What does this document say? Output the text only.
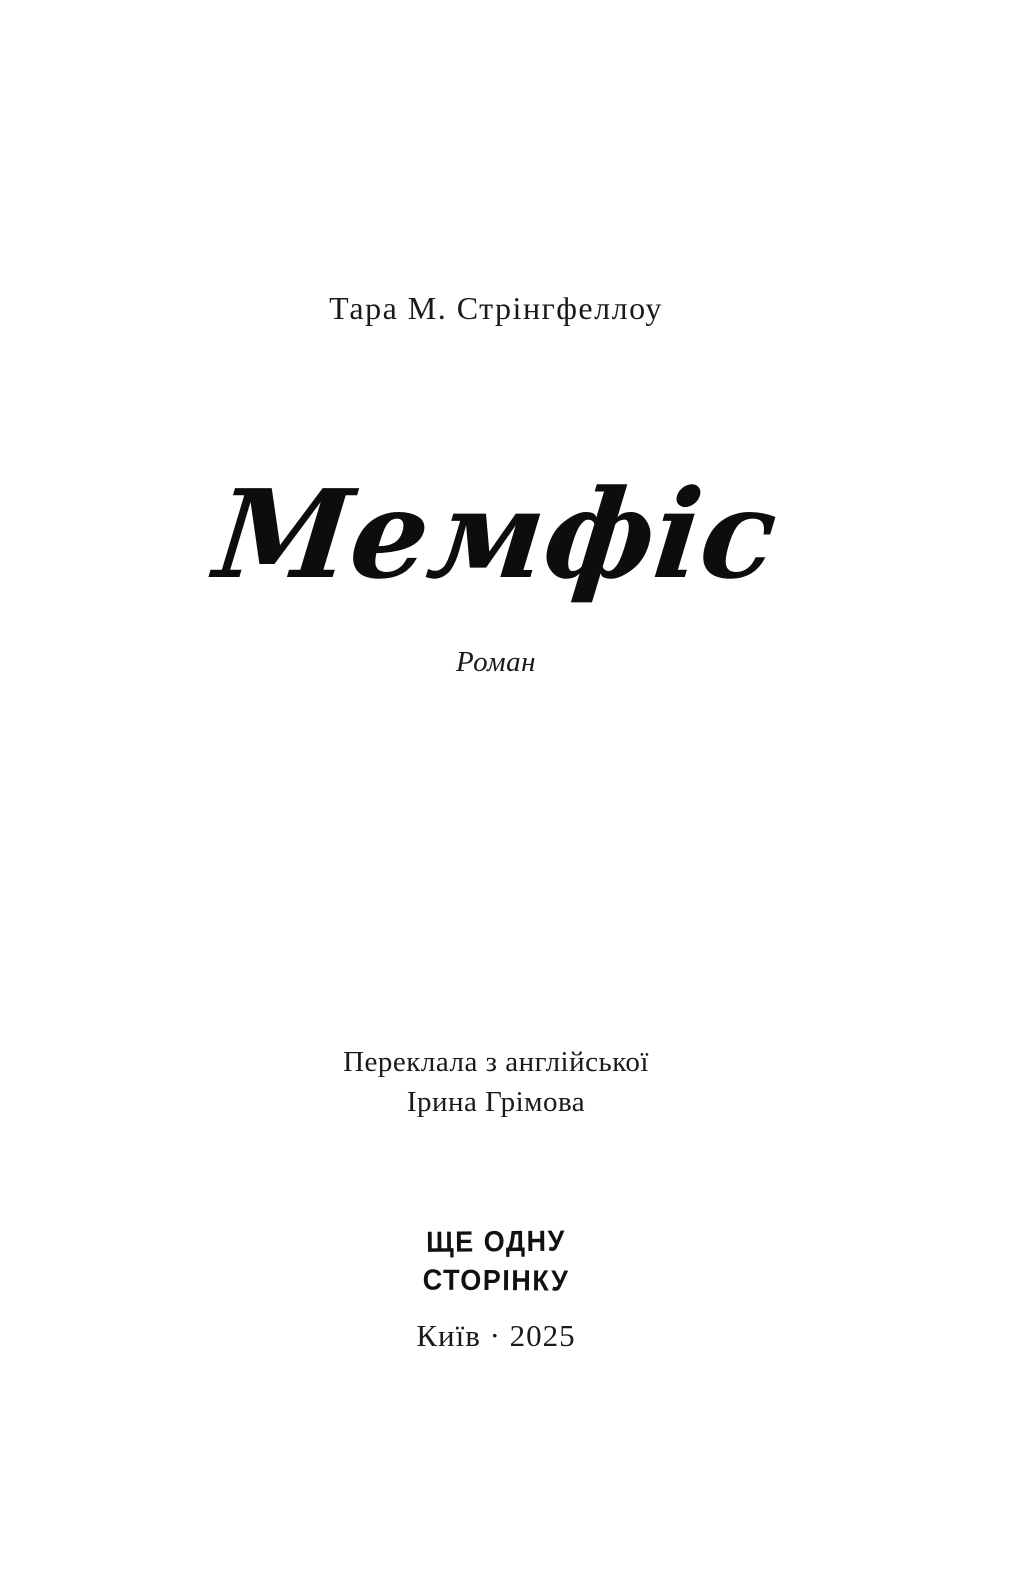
Тара М. Стрінгфеллоу
Мемфіс
Роман
Переклала з англійської
Ірина Грімова
ЩЕ ОДНУ
СТОРІНКУ
Київ · 2025
